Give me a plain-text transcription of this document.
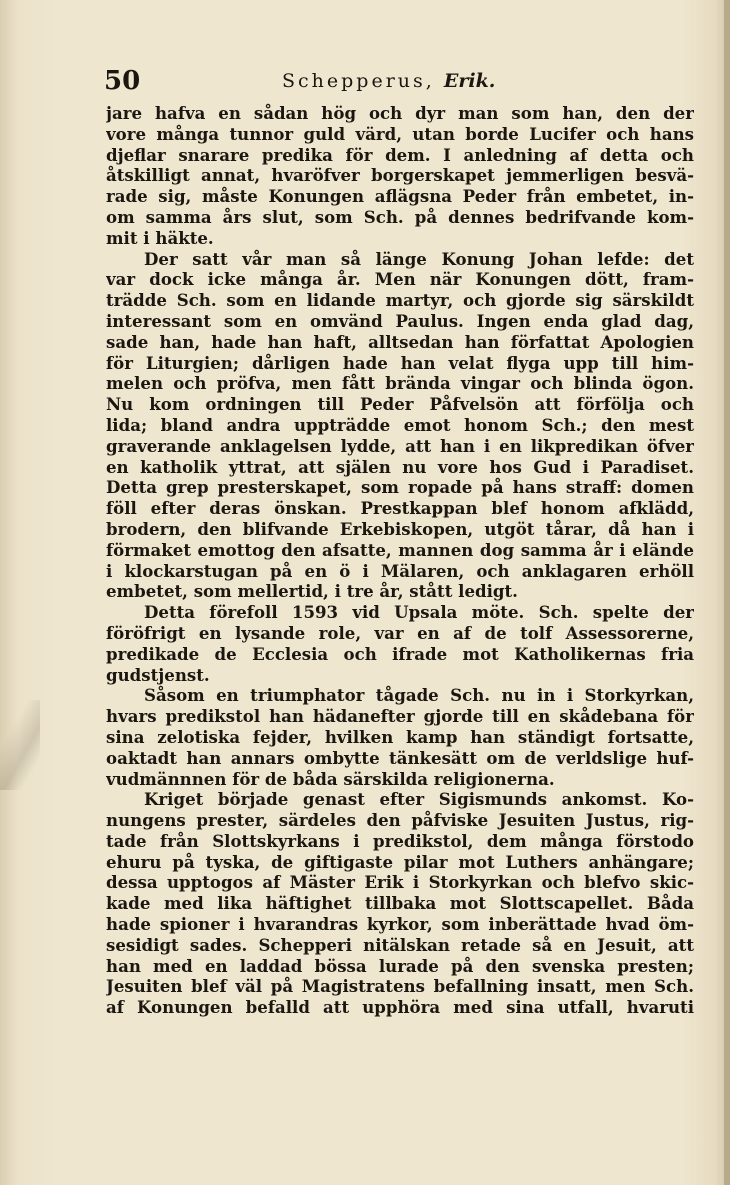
50	Schepperus, Erik.
jare hafva en sådan hög och dyr man som han, den der
vore många tunnor guld värd, utan borde Lucifer och hans
djeflar snarare predika för dem. I anledning af detta och
åtskilligt annat, hvaröfver borgerskapet jemmerligen besvä-
rade sig, måste Konungen aflägsna Peder från embetet, in-
om samma års slut, som Sch. på dennes bedrifvande kom-
mit i häkte.
Der satt vår man så länge Konung Johan lefde: det
var dock icke många år. Men när Konungen dött, fram-
trädde Sch. som en lidande martyr, och gjorde sig särskildt
interessant som en omvänd Paulus. Ingen enda glad dag,
sade han, hade han haft, alltsedan han författat Apologien
för Liturgien; dårligen hade han velat flyga upp till him-
melen och pröfva, men fått brända vingar och blinda ögon.
Nu kom ordningen till Peder Påfvelsön att förfölja och
lida; bland andra uppträdde emot honom Sch.; den mest
graverande anklagelsen lydde, att han i en likpredikan öfver
en katholik yttrat, att själen nu vore hos Gud i Paradiset.
Detta grep presterskapet, som ropade på hans straff: domen
föll efter deras önskan. Prestkappan blef honom afklädd,
brodern, den blifvande Erkebiskopen, utgöt tårar, då han i
förmaket emottog den afsatte, mannen dog samma år i elände
i klockarstugan på en ö i Mälaren, och anklagaren erhöll
embetet, som mellertid, i tre år, stått ledigt.
Detta förefoll 1593 vid Upsala möte. Sch. spelte der
föröfrigt en lysande role, var en af de tolf Assessorerne,
predikade de Ecclesia och ifrade mot Katholikernas fria
gudstjenst.
Såsom en triumphator tågade Sch. nu in i Storkyrkan,
hvars predikstol han hädanefter gjorde till en skådebana för
sina zelotiska fejder, hvilken kamp han ständigt fortsatte,
oaktadt han annars ombytte tänkesätt om de verldslige huf-
vudmännnen för de båda särskilda religionerna.
Kriget började genast efter Sigismunds ankomst. Ko-
nungens prester, särdeles den påfviske Jesuiten Justus, rig-
tade från Slottskyrkans i predikstol, dem många förstodo
ehuru på tyska, de giftigaste pilar mot Luthers anhängare;
dessa upptogos af Mäster Erik i Storkyrkan och blefvo skic-
kade med lika häftighet tillbaka mot Slottscapellet. Båda
hade spioner i hvarandras kyrkor, som inberättade hvad öm-
sesidigt sades. Schepperi nitälskan retade så en Jesuit, att
han med en laddad bössa lurade på den svenska presten;
Jesuiten blef väl på Magistratens befallning insatt, men Sch.
af Konungen befalld att upphöra med sina utfall, hvaruti
